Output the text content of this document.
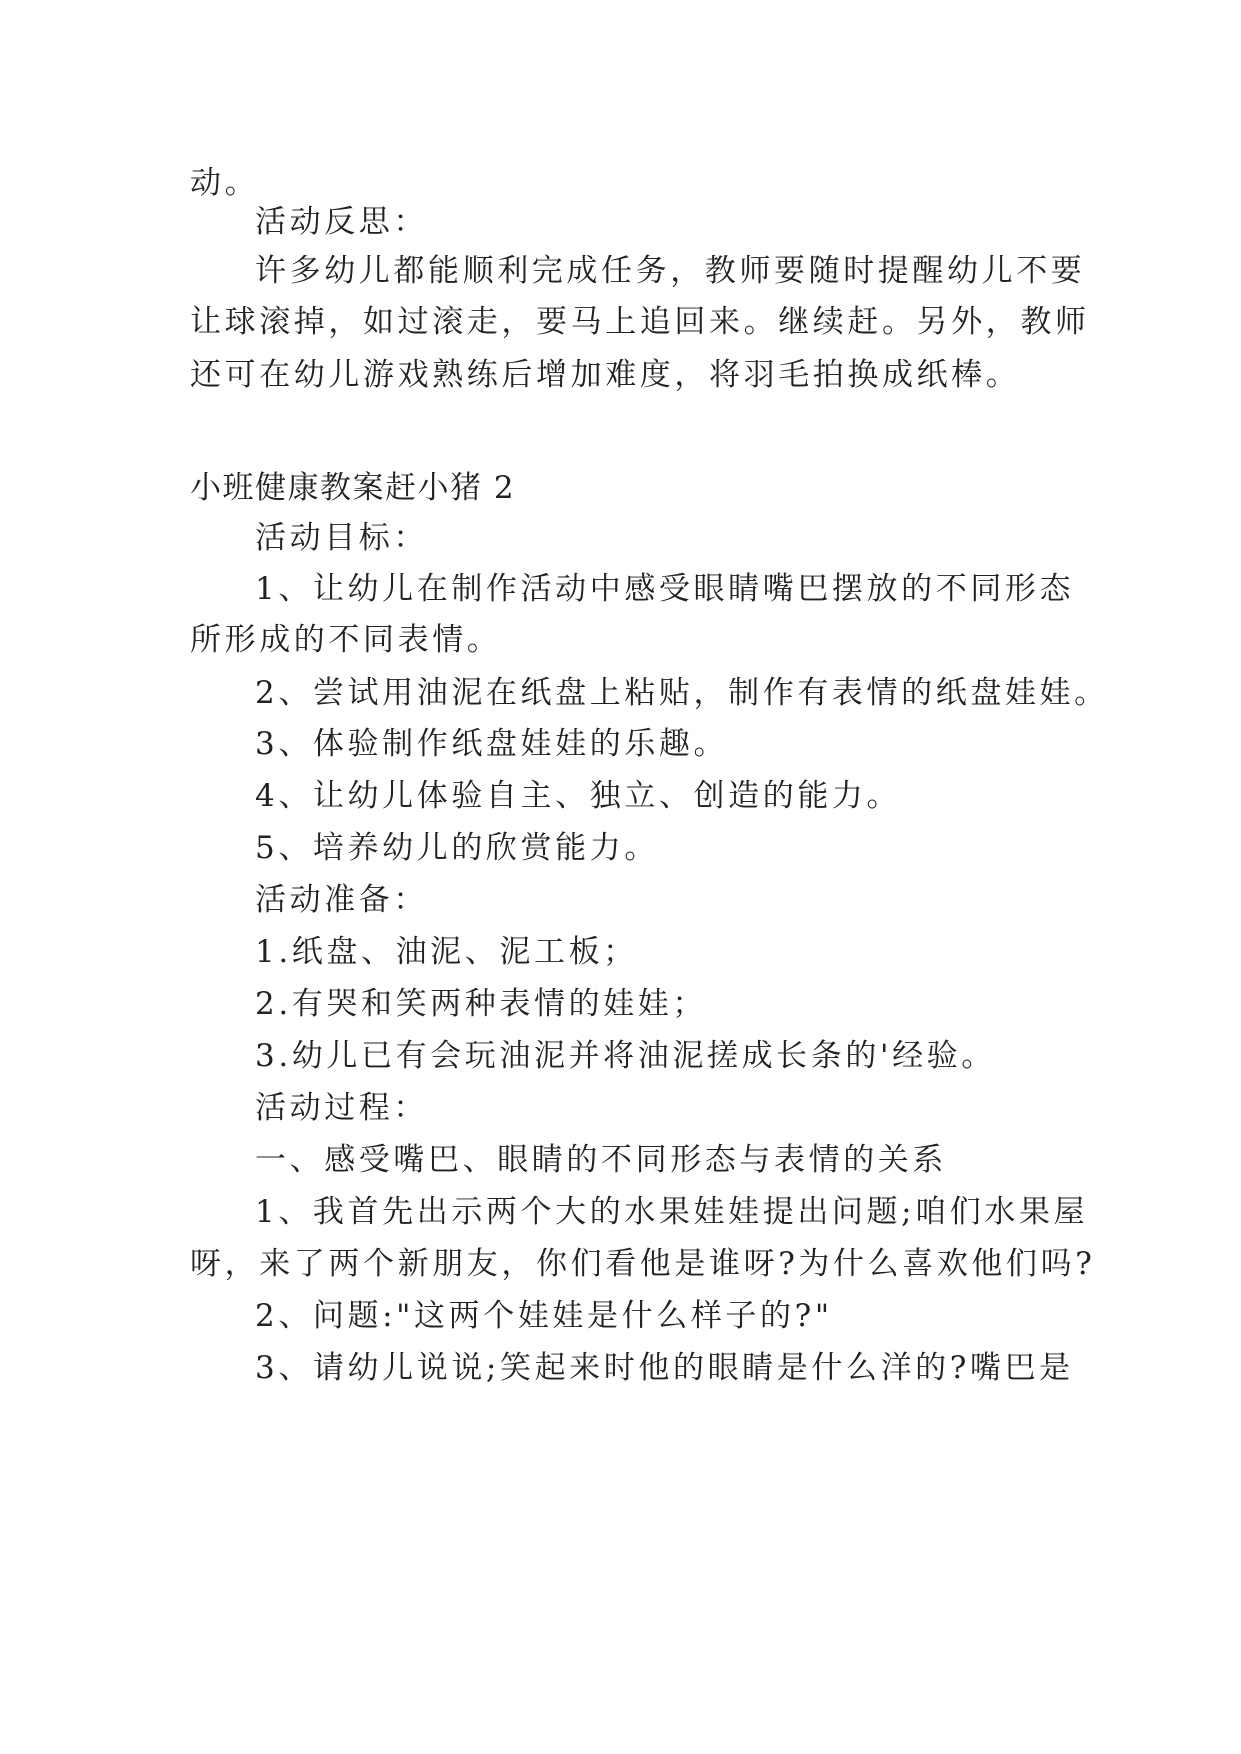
动。
活动反思：
许多幼儿都能顺利完成任务，教师要随时提醒幼儿不要
让球滚掉，如过滚走，要马上追回来。继续赶。另外，教师
还可在幼儿游戏熟练后增加难度，将羽毛拍换成纸棒。
小班健康教案赶小猪 2
活动目标：
1、让幼儿在制作活动中感受眼睛嘴巴摆放的不同形态
所形成的不同表情。
2、尝试用油泥在纸盘上粘贴，制作有表情的纸盘娃娃。
3、体验制作纸盘娃娃的乐趣。
4、让幼儿体验自主、独立、创造的能力。
5、培养幼儿的欣赏能力。
活动准备：
1.纸盘、油泥、泥工板；
2.有哭和笑两种表情的娃娃；
3.幼儿已有会玩油泥并将油泥搓成长条的'经验。
活动过程：
一、感受嘴巴、眼睛的不同形态与表情的关系
1、我首先出示两个大的水果娃娃提出问题;咱们水果屋
呀，来了两个新朋友，你们看他是谁呀?为什么喜欢他们吗?
2、问题:"这两个娃娃是什么样子的?"
3、请幼儿说说;笑起来时他的眼睛是什么洋的?嘴巴是
